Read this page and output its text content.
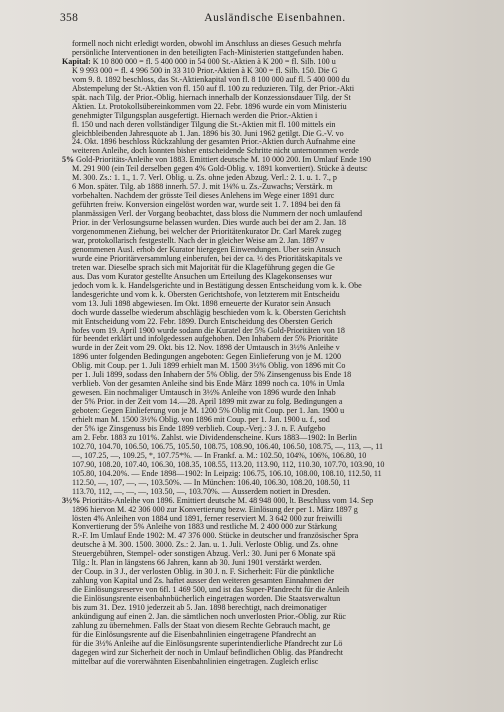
358	Ausländische Eisenbahnen.
formell noch nicht erledigt worden, obwohl im Anschluss an dieses Gesuch mehrfa
persönliche Interventionen in den beteiligten Fach-Ministerien stattgefunden haben.
Kapital: K 10 800 000 = fl. 5 400 000 in 54 000 St.-Aktien à K 200 = fl. Silb. 100 u
K 9 993 000 = fl. 4 996 500 in 33 310 Prior.-Aktien à K 300 = fl. Silb. 150. Die G
vom 9. 8. 1892 beschloss, das St.-Aktienkapital von fl. 8 100 000 auf fl. 5 400 000 du
Abstempelung der St.-Aktien von fl. 150 auf fl. 100 zu reduzieren. Tilg. der Prior.-Akti
spät. nach Tilg. der Prior.-Oblig. hiernach innerhalb der Konzessionsdauer Tilg. der St
Aktien. Lt. Protokollsübereinkommen vom 22. Febr. 1896 wurde ein vom Ministeriu
genehmigter Tilgungsplan ausgefertigt. Hiernach werden die Prior.-Aktien i
fl. 150 und nach deren vollständiger Tilgung die St.-Aktien mit fl. 100 mittels ein
gleichbleibenden Jahresquote ab 1. Jan. 1896 bis 30. Juni 1962 getilgt. Die G.-V. vo
24. Okt. 1896 beschloss Rückzahlung der gesamten Prior.-Aktien durch Aufnahme eine
weiteren Anleihe, doch konnten bisher entscheidende Schritte nicht unternommen werde
5% Gold-Prioritäts-Anleihe von 1883. Emittiert deutsche M. 10 000 200. Im Umlauf Ende 190
M. 291 900 (ein Teil derselben gegen 4% Gold-Oblig. v. 1891 konvertiert). Stücke à deutsc
M. 300. Zs.: 1. 1., 1. 7. Verl. Oblig. u. Zs. ohne jeden Abzug. Verl.: 2. 1. u. 1. 7., p
6 Mon. später. Tilg. ab 1888 innerh. 57. J. mit 1⅛% u. Zs.-Zuwachs; Verstärk. m
vorbehalten. Nachdem der grösste Teil dieses Anlehens im Wege einer 1891 durc
geführten freiw. Konversion eingelöst worden war, wurde seit 1. 7. 1894 bei den fä
planmässigen Verl. der Vorgang beobachtet, dass bloss die Nummern der noch umlaufend
Prior. in der Verlosungsurne belassen wurden. Dies wurde auch bei der am 2. Jan. 18
vorgenommenen Ziehung, bei welcher der Prioritätenkurator Dr. Carl Marek zugeg
war, protokollarisch festgestellt. Nach der in gleicher Weise am 2. Jan. 1897 v
genommenen Ausl. erhob der Kurator hiergegen Einwendungen. Über sein Ansuch
wurde eine Prioritärversammlung einberufen, bei der ca. ⅓ des Prioritätskapitals ve
treten war. Dieselbe sprach sich mit Majorität für die Klageführung gegen die Ge
aus. Das vom Kurator gestellte Ansuchen um Erteilung des Klagekonsenses wur
jedoch vom k. k. Handelsgerichte und in Bestätigung dessen Entscheidung vom k. k. Obe
landesgerichte und vom k. k. Obersten Gerichtshofe, von letzterem mit Entscheidu
vom 13. Juli 1898 abgewiesen. Im Okt. 1898 erneuerte der Kurator sein Ansuch
doch wurde dasselbe wiederum abschlägig beschieden vom k. k. Obersten Gerichtsh
mit Entscheidung vom 22. Febr. 1899. Durch Entscheidung des Obersten Gerich
hofes vom 19. April 1900 wurde sodann die Kuratel der 5% Gold-Prioritäten von 18
für beendet erklärt und infolgedessen aufgehoben. Den Inhabern der 5% Prioritäte
wurde in der Zeit vom 29. Okt. bis 12. Nov. 1898 der Umtausch in 3½% Anleihe v
1896 unter folgenden Bedingungen angeboten: Gegen Einlieferung von je M. 1200
Oblig. mit Coup. per 1. Juli 1899 erhielt man M. 1500 3½% Oblig. von 1896 mit Co
per 1. Juli 1899, sodass den Inhabern der 5% Oblig. der 5% Zinsengenuss bis Ende 18
verblieb. Von der gesamten Anleihe sind bis Ende März 1899 noch ca. 10% in Umla
gewesen. Ein nochmaliger Umtausch in 3½% Anleihe von 1896 wurde den Inhab
der 5% Prior. in der Zeit vom 14.—28. April 1899 mit zwar zu folg. Bedingungen a
geboten: Gegen Einlieferung von je M. 1200 5% Oblig mit Coup. per 1. Jan. 1900 u
erhielt man M. 1500 3½% Oblig. von 1896 mit Coup. per 1. Jan. 1900 u. f., sod
der 5% ige Zinsgenuss bis Ende 1899 verblieb. Coup.-Verj.: 3 J. n. F. Aufgebo
am 2. Febr. 1883 zu 101%. Zahlst. wie Dividendenscheine. Kurs 1883—1902: In Berlin
102.70, 104.70, 106.50, 106.75, 105.50, 108.75, 108.90, 106.40, 106.50, 108.75, —, 113, —, 11
—, 107.25, —, 109.25, *, 107.75*%. — In Frankf. a. M.: 102.50, 104%, 106%, 106.80, 10
107.90, 108.20, 107.40, 106.30, 108.35, 108.55, 113.20, 113.90, 112, 110.30, 107.70, 103.90, 10
105.80, 104.20%. — Ende 1898—1902: In Leipzig: 106.75, 106.10, 108.00, 108.10, 112.50, 11
112.50, —, 107, —, —, 103.50%. — In München: 106.40, 106.30, 108.20, 108.50, 11
113.70, 112, —, —, —, 103.50, —, 103.70%. — Ausserdem notiert in Dresden.
3½% Prioritäts-Anleihe von 1896. Emittiert deutsche M. 48 948 000, lt. Beschluss vom 14. Sep
1896 hiervon M. 42 306 000 zur Konvertierung bezw. Einlösung der per 1. März 1897 g
lösten 4% Anleihen von 1884 und 1891, ferner reserviert M. 3 642 000 zur freiwilli
Konvertierung der 5% Anleihe von 1883 und restliche M. 2 400 000 zur Stärkung
R.-F. Im Umlauf Ende 1902: M. 47 376 000. Stücke in deutscher und französischer Spra
deutsche à M. 300. 1500. 3000. Zs.: 2. Jan. u. 1. Juli. Verloste Oblig. und Zs. ohne
Steuergebühren, Stempel- oder sonstigen Abzug. Verl.: 30. Juni per 6 Monate spä
Tilg.: lt. Plan in längstens 66 Jahren, kann ab 30. Juni 1901 verstärkt werden.
der Coup. in 3 J., der verlosten Oblig. in 30 J. n. F. Sicherheit: Für die pünktliche
zahlung von Kapital und Zs. haftet ausser den weiteren gesamten Einnahmen der
die Einlösungsreserve von 6fl. 1 469 500, und ist das Super-Pfandrecht für die Anleih
die Einlösungsrente eisenbahnbücherlich eingetragen worden. Die Staatsverwaltun
bis zum 31. Dez. 1910 jederzeit ab 5. Jan. 1898 berechtigt, nach dreimonatiger
ankündigung auf einen 2. Jan. die sämtlichen noch unverlosten Prior.-Oblig. zur Rüc
zahlung zu übernehmen. Falls der Staat von diesem Rechte Gebrauch macht, ge
für die Einlösungsrente auf die Eisenbahnlinien eingetragene Pfandrecht an
für die 3½% Anleihe auf die Einlösungsrente superintendierliche Pfandrecht zur Lö
dagegen wird zur Sicherheit der noch in Umlauf befindlichen Oblig. das Pfandrecht
mittelbar auf die vorerwähnten Eisenbahnlinien eingetragen. Zugleich erlisc
